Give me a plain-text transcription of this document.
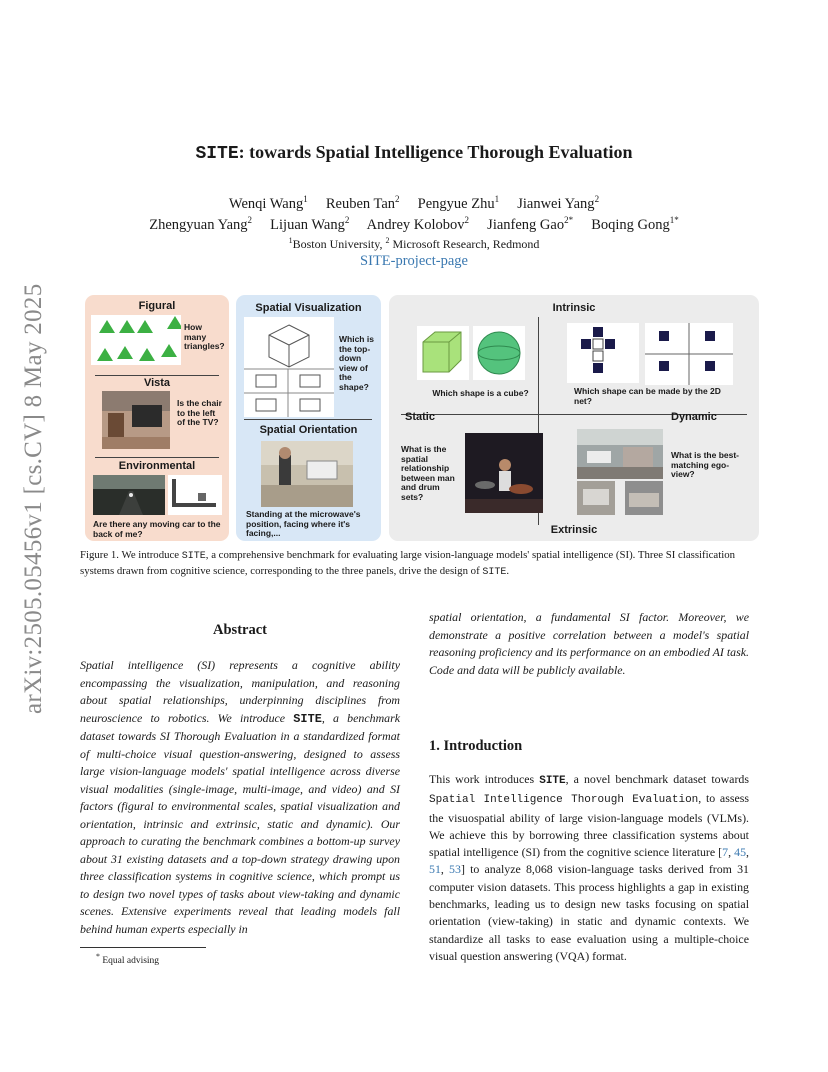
arXiv:2505.05456v1 [cs.CV] 8 May 2025
SITE: towards Spatial Intelligence Thorough Evaluation
Wenqi Wang$^1$ Reuben Tan$^2$ Pengyue Zhu$^1$ Jianwei Yang$^2$
Zhengyuan Yang$^2$ Lijuan Wang$^2$ Andrey Kolobov$^2$ Jianfeng Gao$^{2*}$ Boqing Gong$^{1*}$
$^1$Boston University, $^2$ Microsoft Research, Redmond
SITE-project-page
Figural
How many triangles?
Vista
Is the chair to the left of the TV?
Environmental
Are there any moving car to the back of me?
Spatial Visualization
Which is the top-down view of the shape?
Spatial Orientation
Standing at the microwave's position, facing where it's facing,...
Intrinsic
Which shape is a cube?	Which shape can be made by the 2D net?
Static	Dynamic
What is the spatial relationship between man and drum sets?
What is the best-matching ego-view?
Extrinsic
Figure 1. We introduce SITE, a comprehensive benchmark for evaluating large vision-language models' spatial intelligence (SI). Three SI classification systems drawn from cognitive science, corresponding to the three panels, drive the design of SITE.
Abstract
Spatial intelligence (SI) represents a cognitive ability encompassing the visualization, manipulation, and reasoning about spatial relationships, underpinning disciplines from neuroscience to robotics. We introduce SITE, a benchmark dataset towards SI Thorough Evaluation in a standardized format of multi-choice visual question-answering, designed to assess large vision-language models' spatial intelligence across diverse visual modalities (single-image, multi-image, and video) and SI factors (figural to environmental scales, spatial visualization and orientation, intrinsic and extrinsic, static and dynamic). Our approach to curating the benchmark combines a bottom-up survey about 31 existing datasets and a top-down strategy drawing upon three classification systems in cognitive science, which prompt us to design two novel types of tasks about view-taking and dynamic scenes. Extensive experiments reveal that leading models fall behind human experts especially in
* Equal advising
spatial orientation, a fundamental SI factor. Moreover, we demonstrate a positive correlation between a model's spatial reasoning proficiency and its performance on an embodied AI task. Code and data will be publicly available.
1. Introduction
This work introduces SITE, a novel benchmark dataset towards Spatial Intelligence Thorough Evaluation, to assess the visuospatial ability of large vision-language models (VLMs). We achieve this by borrowing three classification systems about spatial intelligence (SI) from the cognitive science literature [7, 45, 51, 53] to analyze 8,068 vision-language tasks derived from 31 computer vision datasets. This process highlights a gap in existing benchmarks, leading us to design new tasks focusing on spatial orientation (view-taking) in static and dynamic contexts. We standardize all tasks to ease evaluation using a multiple-choice visual question answering (VQA) format.
